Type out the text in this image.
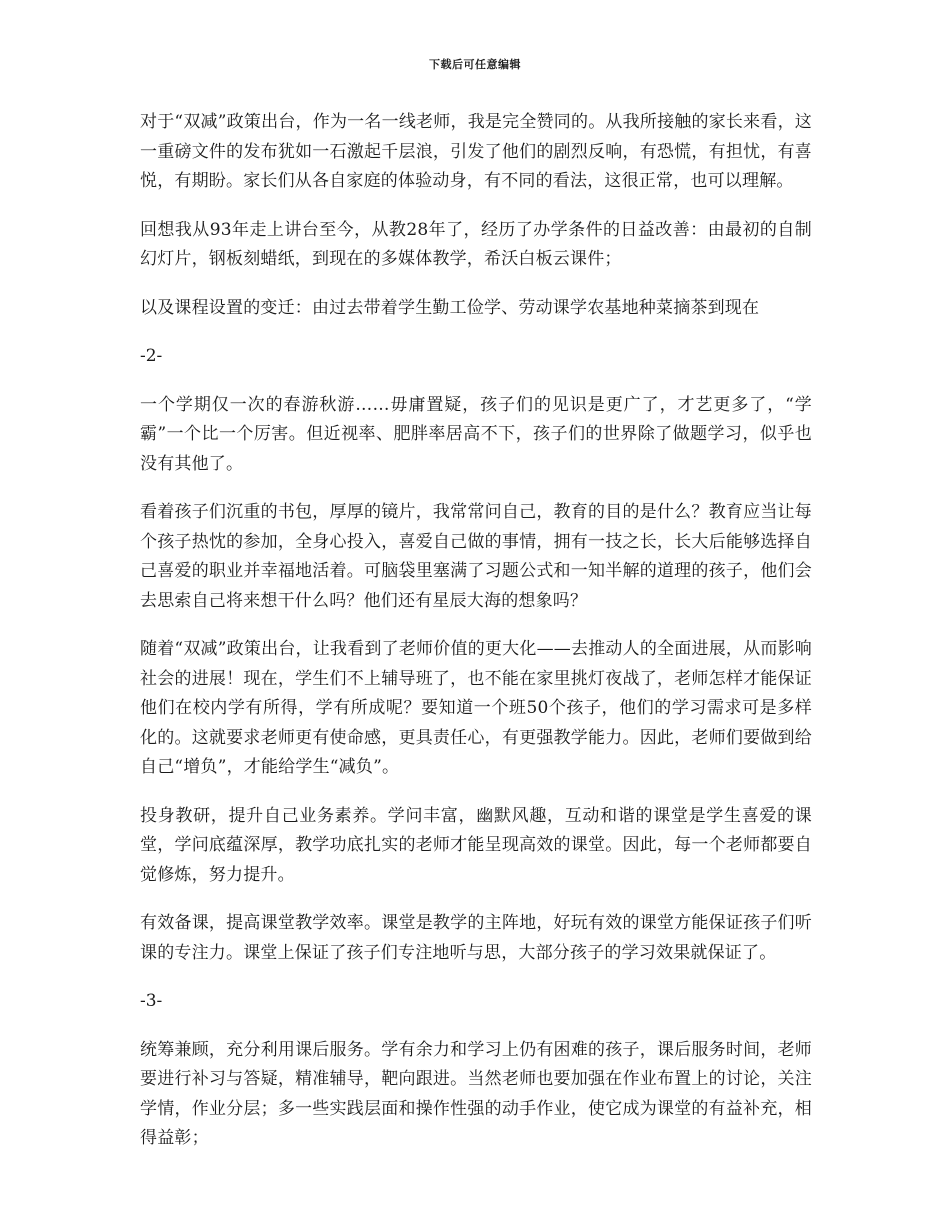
下载后可任意编辑

对于“双减”政策出台，作为一名一线老师，我是完全赞同的。从我所接触的家长来看，这一重磅文件的发布犹如一石激起千层浪，引发了他们的剧烈反响，有恐慌，有担忧，有喜悦，有期盼。家长们从各自家庭的体验动身，有不同的看法，这很正常，也可以理解。

回想我从93年走上讲台至今，从教28年了，经历了办学条件的日益改善：由最初的自制幻灯片，钢板刻蜡纸，到现在的多媒体教学，希沃白板云课件；

以及课程设置的变迁：由过去带着学生勤工俭学、劳动课学农基地种菜摘茶到现在

-2-

一个学期仅一次的春游秋游……毋庸置疑，孩子们的见识是更广了，才艺更多了，“学霸”一个比一个厉害。但近视率、肥胖率居高不下，孩子们的世界除了做题学习，似乎也没有其他了。

看着孩子们沉重的书包，厚厚的镜片，我常常问自己，教育的目的是什么？教育应当让每个孩子热忱的参加，全身心投入，喜爱自己做的事情，拥有一技之长，长大后能够选择自己喜爱的职业并幸福地活着。可脑袋里塞满了习题公式和一知半解的道理的孩子，他们会去思索自己将来想干什么吗？他们还有星辰大海的想象吗？

随着“双减”政策出台，让我看到了老师价值的更大化——去推动人的全面进展，从而影响社会的进展！现在，学生们不上辅导班了，也不能在家里挑灯夜战了，老师怎样才能保证他们在校内学有所得，学有所成呢？要知道一个班50个孩子，他们的学习需求可是多样化的。这就要求老师更有使命感，更具责任心，有更强教学能力。因此，老师们要做到给自己“增负”，才能给学生“减负”。

投身教研，提升自己业务素养。学问丰富，幽默风趣，互动和谐的课堂是学生喜爱的课堂，学问底蕴深厚，教学功底扎实的老师才能呈现高效的课堂。因此，每一个老师都要自觉修炼，努力提升。

有效备课，提高课堂教学效率。课堂是教学的主阵地，好玩有效的课堂方能保证孩子们听课的专注力。课堂上保证了孩子们专注地听与思，大部分孩子的学习效果就保证了。

-3-

统筹兼顾，充分利用课后服务。学有余力和学习上仍有困难的孩子，课后服务时间，老师要进行补习与答疑，精准辅导，靶向跟进。当然老师也要加强在作业布置上的讨论，关注学情，作业分层；多一些实践层面和操作性强的动手作业，使它成为课堂的有益补充，相得益彰；
